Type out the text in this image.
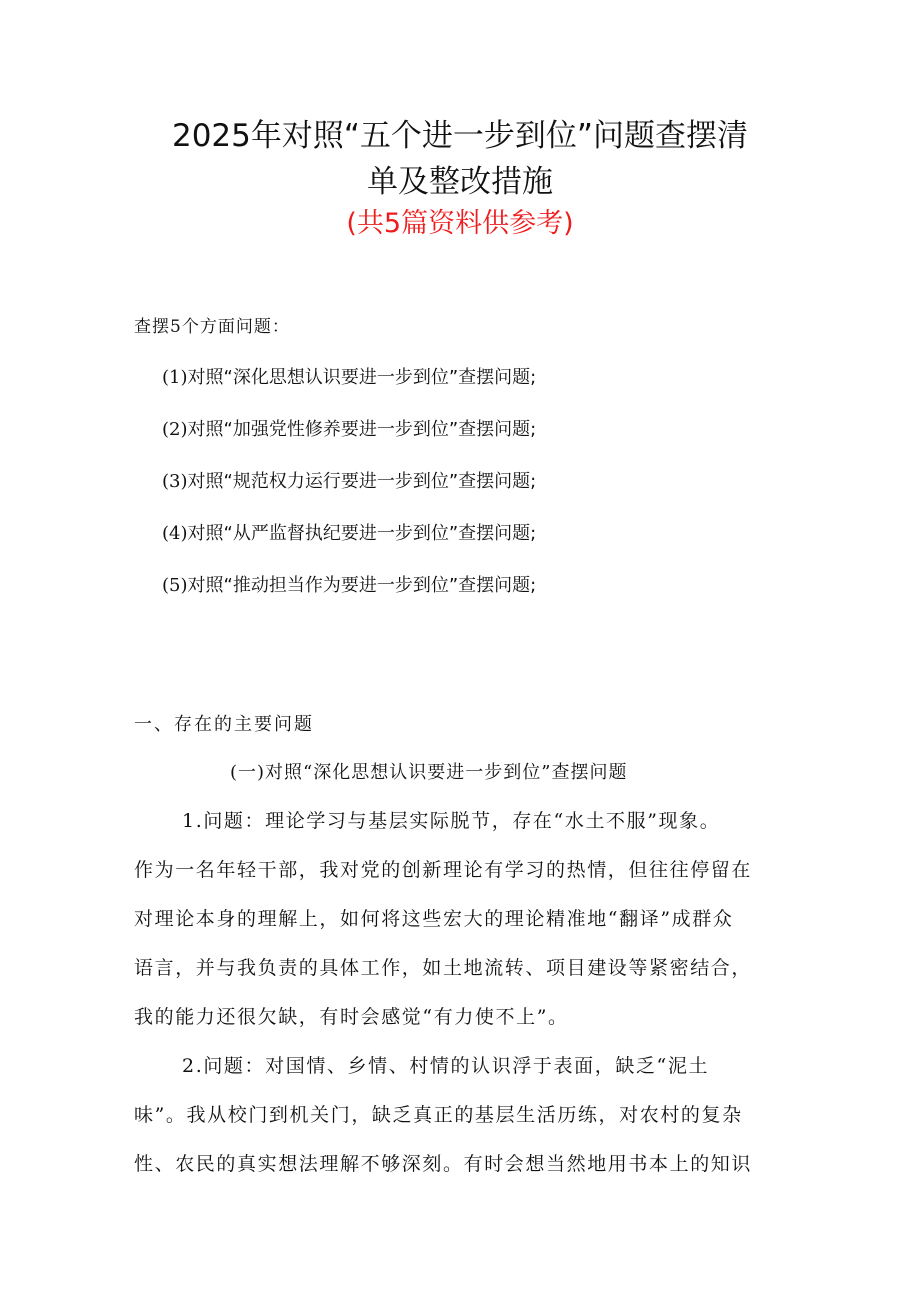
2025年对照“五个进一步到位”问题查摆清
单及整改措施
(共5篇资料供参考)
查摆5个方面问题：
(1)对照“深化思想认识要进一步到位”查摆问题;
(2)对照“加强党性修养要进一步到位”查摆问题;
(3)对照“规范权力运行要进一步到位”查摆问题;
(4)对照“从严监督执纪要进一步到位”查摆问题;
(5)对照“推动担当作为要进一步到位”查摆问题;
一、存在的主要问题
(一)对照“深化思想认识要进一步到位”查摆问题
1.问题：理论学习与基层实际脱节，存在“水土不服”现象。
作为一名年轻干部，我对党的创新理论有学习的热情，但往往停留在
对理论本身的理解上，如何将这些宏大的理论精准地“翻译”成群众
语言，并与我负责的具体工作，如土地流转、项目建设等紧密结合，
我的能力还很欠缺，有时会感觉“有力使不上”。
2.问题：对国情、乡情、村情的认识浮于表面，缺乏“泥土
味”。我从校门到机关门，缺乏真正的基层生活历练，对农村的复杂
性、农民的真实想法理解不够深刻。有时会想当然地用书本上的知识
